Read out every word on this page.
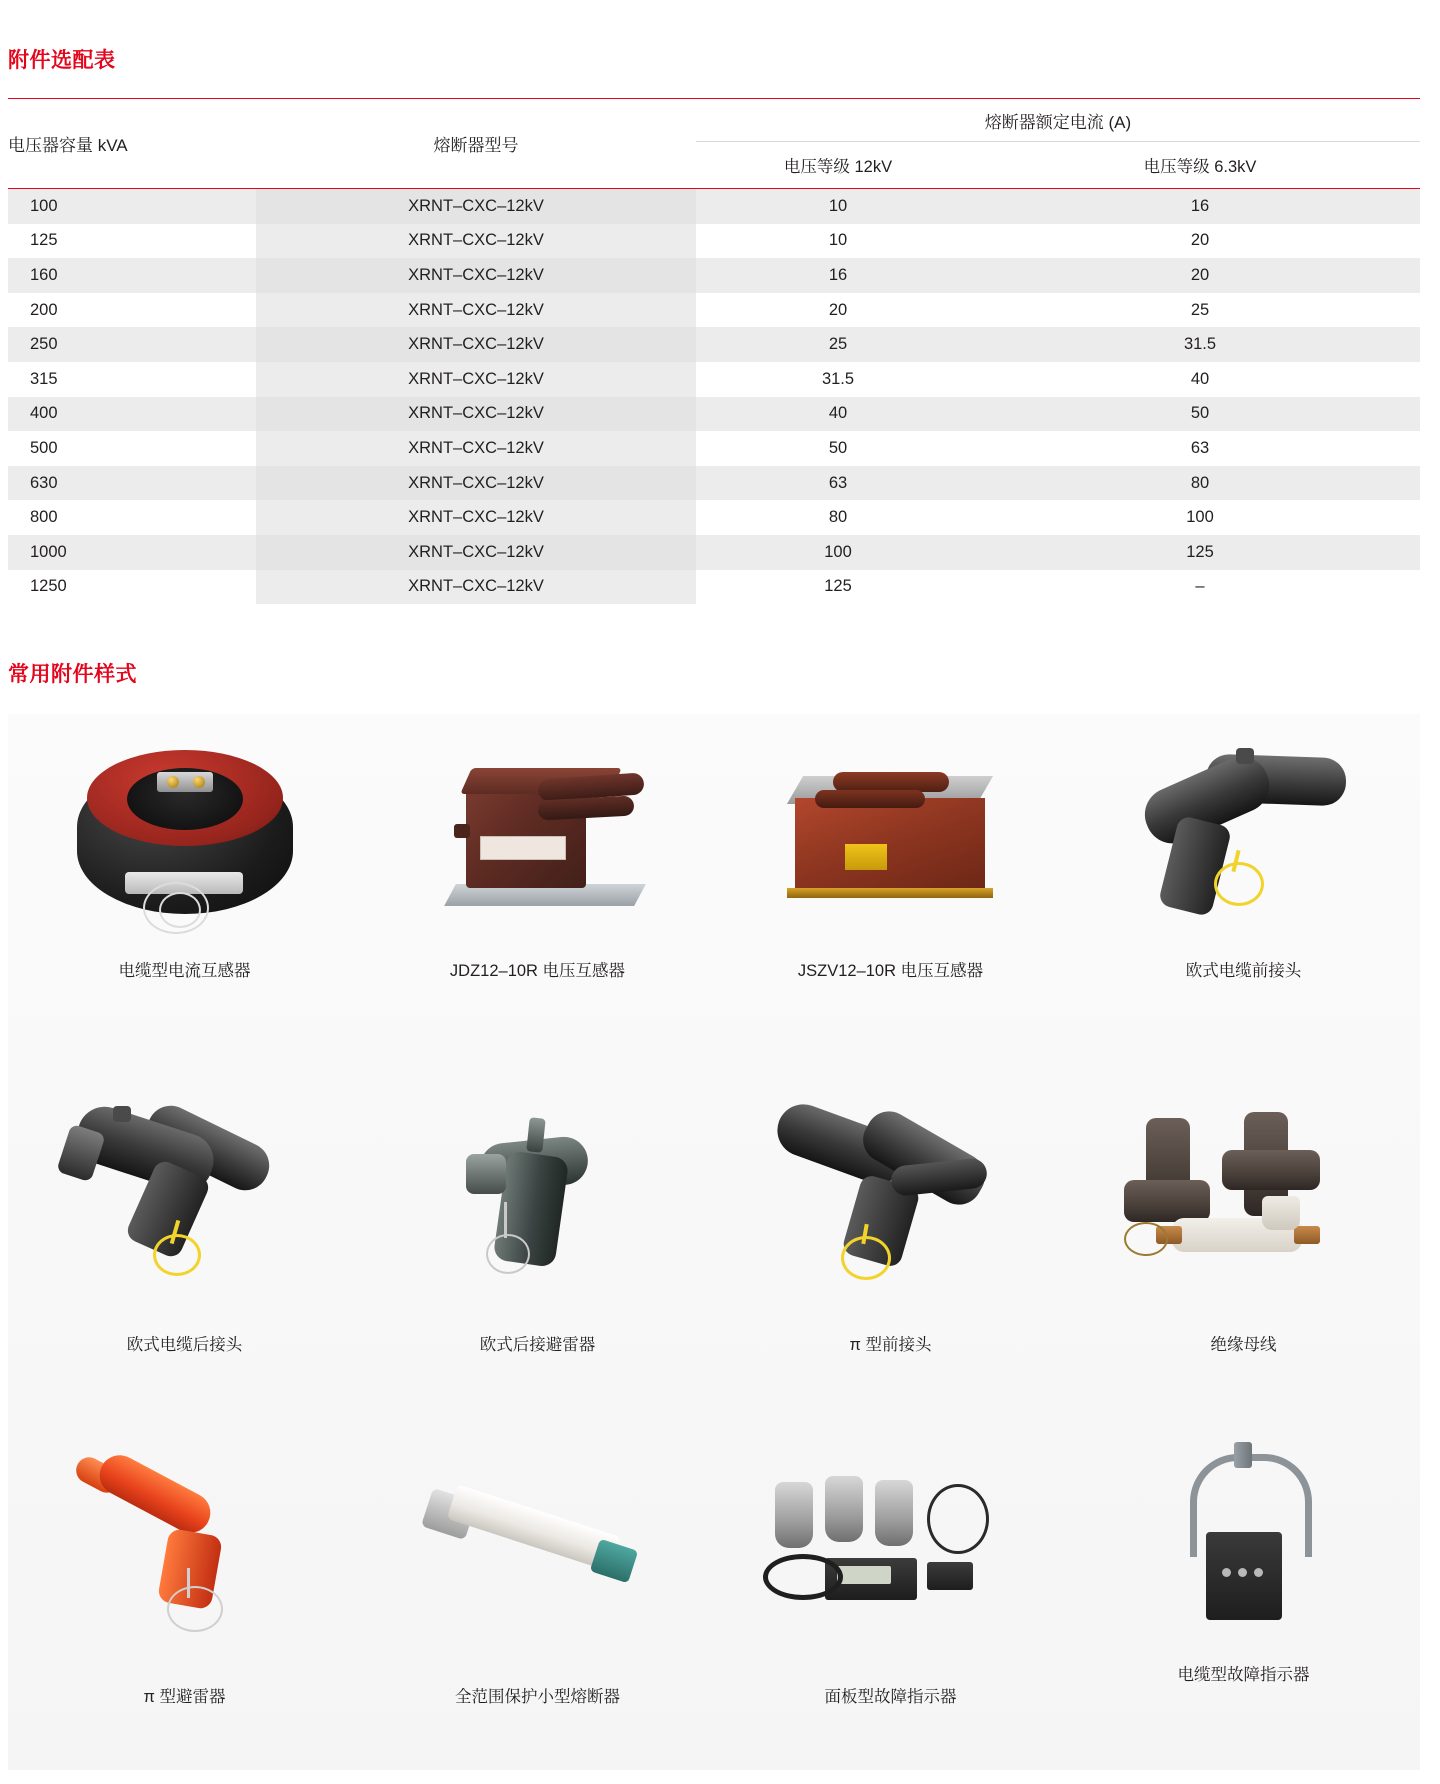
附件选配表
电压器容量 kVA	熔断器型号	熔断器额定电流 (A)	
		电压等级 12kV	电压等级 6.3kV
100	XRNT–CXC–12kV	10	16
125	XRNT–CXC–12kV	10	20
160	XRNT–CXC–12kV	16	20
200	XRNT–CXC–12kV	20	25
250	XRNT–CXC–12kV	25	31.5
315	XRNT–CXC–12kV	31.5	40
400	XRNT–CXC–12kV	40	50
500	XRNT–CXC–12kV	50	63
630	XRNT–CXC–12kV	63	80
800	XRNT–CXC–12kV	80	100
1000	XRNT–CXC–12kV	100	125
1250	XRNT–CXC–12kV	125	–
常用附件样式
电缆型电流互感器	JDZ12–10R 电压互感器	JSZV12–10R 电压互感器	欧式电缆前接头
欧式电缆后接头	欧式后接避雷器	π 型前接头	绝缘母线
π 型避雷器	全范围保护小型熔断器	面板型故障指示器
电缆型故障指示器
